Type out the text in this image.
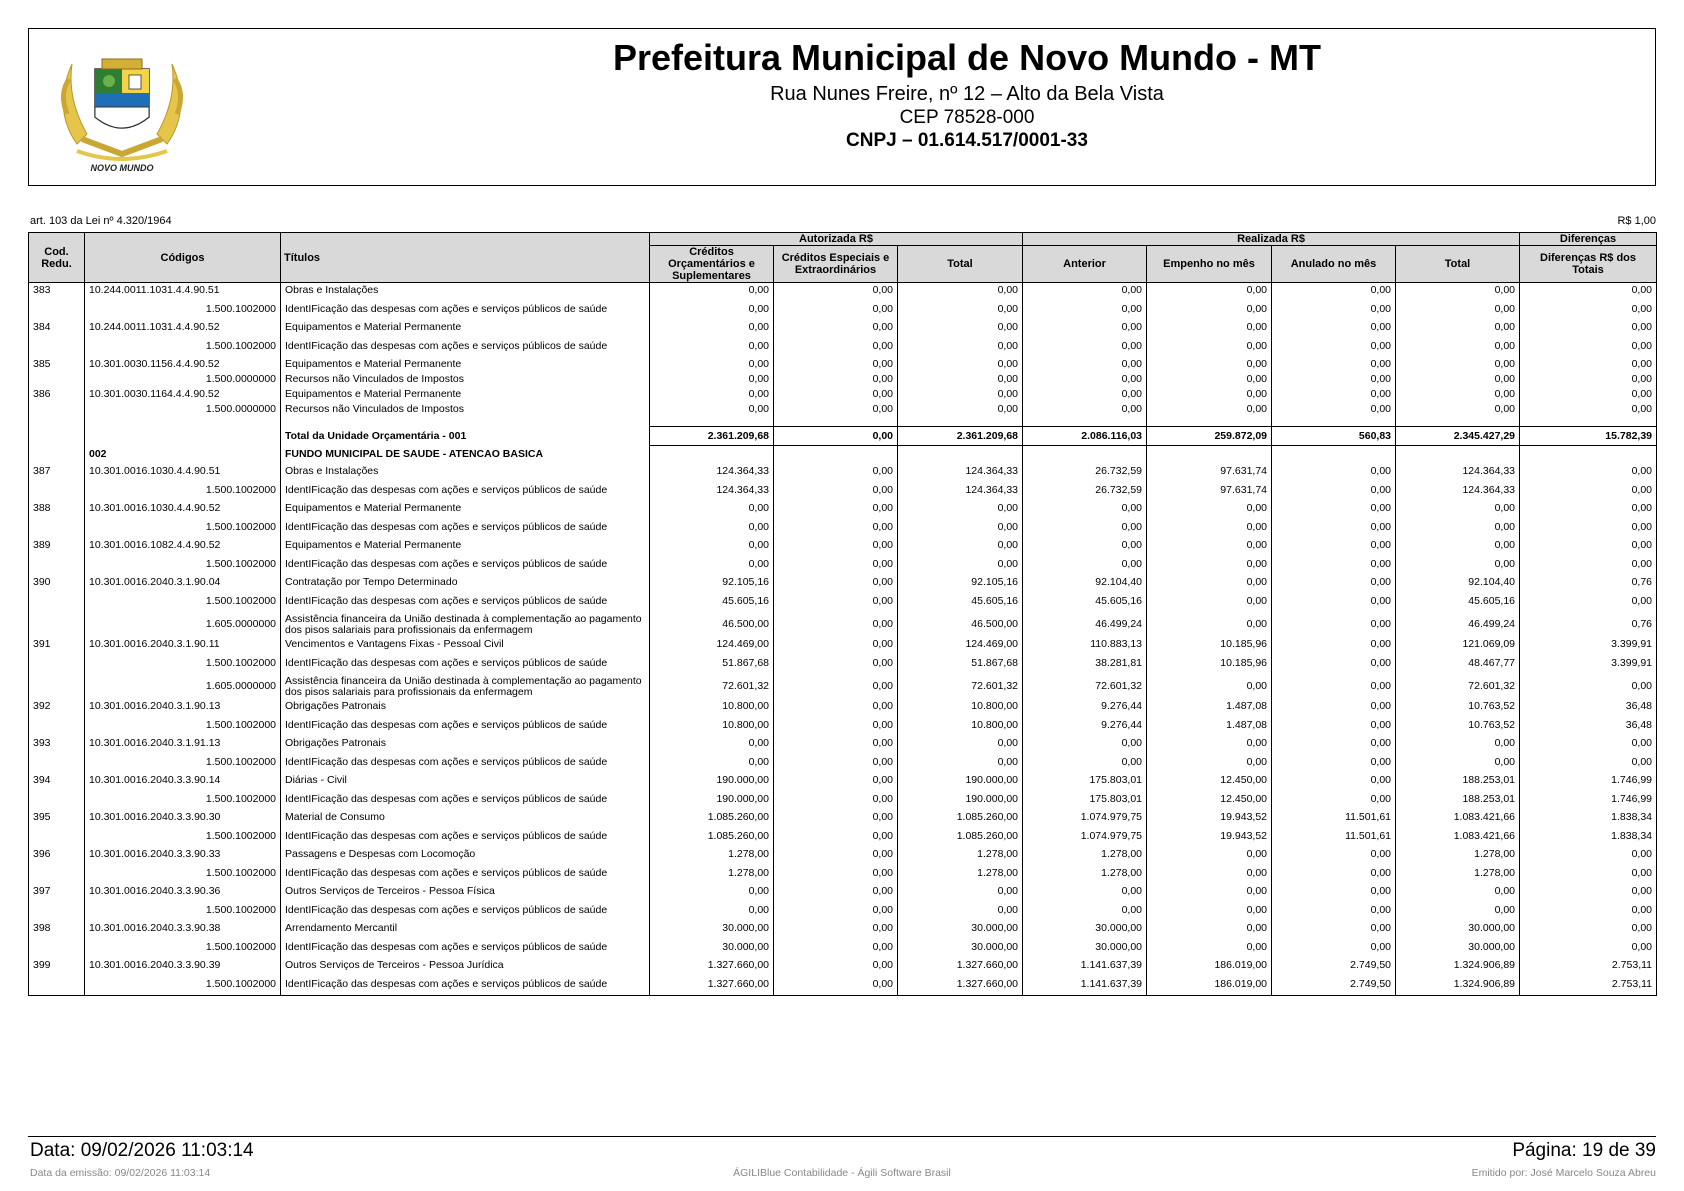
NOVO MUNDO
Prefeitura Municipal de Novo Mundo - MT
Rua Nunes Freire, nº 12 – Alto da Bela Vista
CEP 78528-000
CNPJ – 01.614.517/0001-33
art. 103 da Lei nº 4.320/1964	R$ 1,00
Cod. Redu.	Códigos	Títulos	Autorizada R$			Realizada R$				Diferenças
			Créditos Orçamentários e Suplementares	Créditos Especiais e Extraordinários	Total	Anterior	Empenho no mês	Anulado no mês	Total	Diferenças R$ dos Totais
383	10.244.0011.1031.4.4.90.51	Obras e Instalações	0,00	0,00	0,00	0,00	0,00	0,00	0,00	0,00
	1.500.1002000	IdentIFicação das despesas com ações e serviços públicos de saúde	0,00	0,00	0,00	0,00	0,00	0,00	0,00	0,00
384	10.244.0011.1031.4.4.90.52	Equipamentos e Material Permanente	0,00	0,00	0,00	0,00	0,00	0,00	0,00	0,00
	1.500.1002000	IdentIFicação das despesas com ações e serviços públicos de saúde	0,00	0,00	0,00	0,00	0,00	0,00	0,00	0,00
385	10.301.0030.1156.4.4.90.52	Equipamentos e Material Permanente	0,00	0,00	0,00	0,00	0,00	0,00	0,00	0,00
	1.500.0000000	Recursos não Vinculados de Impostos	0,00	0,00	0,00	0,00	0,00	0,00	0,00	0,00
386	10.301.0030.1164.4.4.90.52	Equipamentos e Material Permanente	0,00	0,00	0,00	0,00	0,00	0,00	0,00	0,00
	1.500.0000000	Recursos não Vinculados de Impostos	0,00	0,00	0,00	0,00	0,00	0,00	0,00	0,00

		Total da Unidade Orçamentária - 001	2.361.209,68	0,00	2.361.209,68	2.086.116,03	259.872,09	560,83	2.345.427,29	15.782,39
	002	FUNDO MUNICIPAL DE SAUDE - ATENCAO BASICA								
387	10.301.0016.1030.4.4.90.51	Obras e Instalações	124.364,33	0,00	124.364,33	26.732,59	97.631,74	0,00	124.364,33	0,00
	1.500.1002000	IdentIFicação das despesas com ações e serviços públicos de saúde	124.364,33	0,00	124.364,33	26.732,59	97.631,74	0,00	124.364,33	0,00
388	10.301.0016.1030.4.4.90.52	Equipamentos e Material Permanente	0,00	0,00	0,00	0,00	0,00	0,00	0,00	0,00
	1.500.1002000	IdentIFicação das despesas com ações e serviços públicos de saúde	0,00	0,00	0,00	0,00	0,00	0,00	0,00	0,00
389	10.301.0016.1082.4.4.90.52	Equipamentos e Material Permanente	0,00	0,00	0,00	0,00	0,00	0,00	0,00	0,00
	1.500.1002000	IdentIFicação das despesas com ações e serviços públicos de saúde	0,00	0,00	0,00	0,00	0,00	0,00	0,00	0,00
390	10.301.0016.2040.3.1.90.04	Contratação por Tempo Determinado	92.105,16	0,00	92.105,16	92.104,40	0,00	0,00	92.104,40	0,76
	1.500.1002000	IdentIFicação das despesas com ações e serviços públicos de saúde	45.605,16	0,00	45.605,16	45.605,16	0,00	0,00	45.605,16	0,00
	1.605.0000000	Assistência financeira da União destinada à complementação ao pagamento dos pisos salariais para profissionais da enfermagem	46.500,00	0,00	46.500,00	46.499,24	0,00	0,00	46.499,24	0,76
391	10.301.0016.2040.3.1.90.11	Vencimentos e Vantagens Fixas - Pessoal Civil	124.469,00	0,00	124.469,00	110.883,13	10.185,96	0,00	121.069,09	3.399,91
	1.500.1002000	IdentIFicação das despesas com ações e serviços públicos de saúde	51.867,68	0,00	51.867,68	38.281,81	10.185,96	0,00	48.467,77	3.399,91
	1.605.0000000	Assistência financeira da União destinada à complementação ao pagamento dos pisos salariais para profissionais da enfermagem	72.601,32	0,00	72.601,32	72.601,32	0,00	0,00	72.601,32	0,00
392	10.301.0016.2040.3.1.90.13	Obrigações Patronais	10.800,00	0,00	10.800,00	9.276,44	1.487,08	0,00	10.763,52	36,48
	1.500.1002000	IdentIFicação das despesas com ações e serviços públicos de saúde	10.800,00	0,00	10.800,00	9.276,44	1.487,08	0,00	10.763,52	36,48
393	10.301.0016.2040.3.1.91.13	Obrigações Patronais	0,00	0,00	0,00	0,00	0,00	0,00	0,00	0,00
	1.500.1002000	IdentIFicação das despesas com ações e serviços públicos de saúde	0,00	0,00	0,00	0,00	0,00	0,00	0,00	0,00
394	10.301.0016.2040.3.3.90.14	Diárias - Civil	190.000,00	0,00	190.000,00	175.803,01	12.450,00	0,00	188.253,01	1.746,99
	1.500.1002000	IdentIFicação das despesas com ações e serviços públicos de saúde	190.000,00	0,00	190.000,00	175.803,01	12.450,00	0,00	188.253,01	1.746,99
395	10.301.0016.2040.3.3.90.30	Material de Consumo	1.085.260,00	0,00	1.085.260,00	1.074.979,75	19.943,52	11.501,61	1.083.421,66	1.838,34
	1.500.1002000	IdentIFicação das despesas com ações e serviços públicos de saúde	1.085.260,00	0,00	1.085.260,00	1.074.979,75	19.943,52	11.501,61	1.083.421,66	1.838,34
396	10.301.0016.2040.3.3.90.33	Passagens e Despesas com Locomoção	1.278,00	0,00	1.278,00	1.278,00	0,00	0,00	1.278,00	0,00
	1.500.1002000	IdentIFicação das despesas com ações e serviços públicos de saúde	1.278,00	0,00	1.278,00	1.278,00	0,00	0,00	1.278,00	0,00
397	10.301.0016.2040.3.3.90.36	Outros Serviços de Terceiros - Pessoa Física	0,00	0,00	0,00	0,00	0,00	0,00	0,00	0,00
	1.500.1002000	IdentIFicação das despesas com ações e serviços públicos de saúde	0,00	0,00	0,00	0,00	0,00	0,00	0,00	0,00
398	10.301.0016.2040.3.3.90.38	Arrendamento Mercantil	30.000,00	0,00	30.000,00	30.000,00	0,00	0,00	30.000,00	0,00
	1.500.1002000	IdentIFicação das despesas com ações e serviços públicos de saúde	30.000,00	0,00	30.000,00	30.000,00	0,00	0,00	30.000,00	0,00
399	10.301.0016.2040.3.3.90.39	Outros Serviços de Terceiros - Pessoa Jurídica	1.327.660,00	0,00	1.327.660,00	1.141.637,39	186.019,00	2.749,50	1.324.906,89	2.753,11
	1.500.1002000	IdentIFicação das despesas com ações e serviços públicos de saúde	1.327.660,00	0,00	1.327.660,00	1.141.637,39	186.019,00	2.749,50	1.324.906,89	2.753,11
Data: 09/02/2026 11:03:14	Página: 19 de 39
Data da emissão: 09/02/2026 11:03:14	ÁGILIBlue Contabilidade - Ágili Software Brasil	Emitido por: José Marcelo Souza Abreu
